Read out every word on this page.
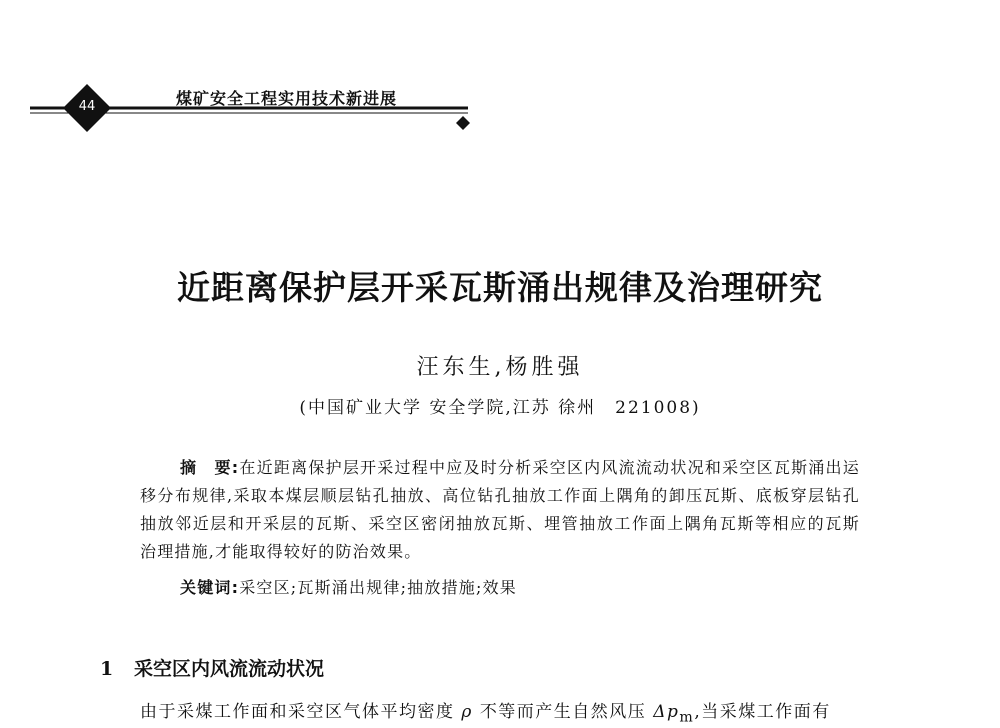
44	煤矿安全工程实用技术新进展
近距离保护层开采瓦斯涌出规律及治理研究
汪东生,杨胜强
(中国矿业大学 安全学院,江苏 徐州　221008)

摘　要:在近距离保护层开采过程中应及时分析采空区内风流流动状况和采空区瓦斯涌出运移分布规律,采取本煤层顺层钻孔抽放、高位钻孔抽放工作面上隅角的卸压瓦斯、底板穿层钻孔抽放邻近层和开采层的瓦斯、采空区密闭抽放瓦斯、埋管抽放工作面上隅角瓦斯等相应的瓦斯治理措施,才能取得较好的防治效果。

关键词:采空区;瓦斯涌出规律;抽放措施;效果
1 采空区内风流流动状况
由于采煤工作面和采空区气体平均密度 ρ 不等而产生自然风压 $\Delta p_m$,当采煤工作面有
